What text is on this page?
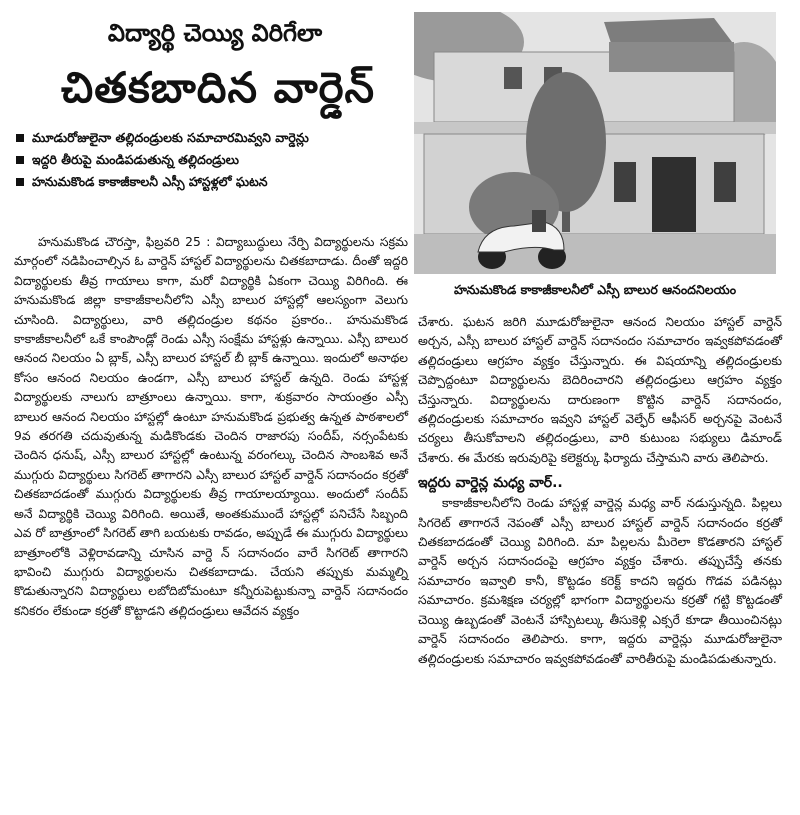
విద్యార్థి చెయ్యి విరిగేలా
చితకబాదిన వార్డెన్
మూడురోజులైనా తల్లిదండ్రులకు సమాచారమివ్వని వార్డెన్లు
ఇద్దరి తీరుపై మండిపడుతున్న తల్లిదండ్రులు
హనుమకొండ కాకాజీకాలనీ ఎస్సీ హాస్టళ్లలో ఘటన

హనుమకొండ చౌరస్తా, ఫిబ్రవరి 25 : విద్యాబుద్ధులు నేర్పి విద్యార్థులను సక్రమ మార్గంలో నడిపించాల్సిన ఓ వార్డెన్ హాస్టల్ విద్యార్థులను చితకబాదాడు. దీంతో ఇద్దరి విద్యార్థులకు తీవ్ర గాయాలు కాగా, మరో విద్యార్థికి ఏకంగా చెయ్యి విరిగింది. ఈ హనుమకొండ జిల్లా కాకాజీకాలనీలోని ఎస్సీ బాలుర హాస్టల్లో ఆలస్యంగా వెలుగు చూసింది. విద్యార్థులు, వారి తల్లిదండ్రుల కథనం ప్రకారం.. హనుమకొండ కాకాజీకాలనీలో ఒకే కాంపౌండ్లో రెండు ఎస్సీ సంక్షేమ హాస్టళ్లు ఉన్నాయి. ఎస్సీ బాలుర ఆనంద నిలయం ఏ బ్లాక్, ఎస్సీ బాలుర హాస్టల్ బీ బ్లాక్ ఉన్నాయి. ఇందులో అనాథల కోసం ఆనంద నిలయం ఉండగా, ఎస్సీ బాలుర హాస్టల్ ఉన్నది. రెండు హాస్టళ్ల విద్యార్థులకు నాలుగు బాత్రూంలు ఉన్నాయి. కాగా, శుక్రవారం సాయంత్రం ఎస్సీ బాలుర ఆనంద నిలయం హాస్టల్లో ఉంటూ హనుమకొండ ప్రభుత్వ ఉన్నత పాఠశాలలో 9వ తరగతి చదువుతున్న మడికొండకు చెందిన రాజారపు సందీప్, నర్సంపేటకు చెందిన ధనుష్, ఎస్సీ బాలుర హాస్టల్లో ఉంటున్న వరంగల్కు చెందిన సాంబశివ అనే ముగ్గురు విద్యార్థులు సిగరెట్ తాగారని ఎస్సీ బాలుర హాస్టల్ వార్డెన్ సదానందం కర్రతో చితకబాదడంతో ముగ్గురు విద్యార్థులకు తీవ్ర గాయాలయ్యాయి. అందులో సందీప్ అనే విద్యార్థికి చెయ్యి విరిగింది. అయితే, అంతకుముందే హాస్టల్లో పనిచేసే సిబ్బంది ఎవ రో బాత్రూంలో సిగరెట్ తాగి బయటకు రావడం, అప్పుడే ఈ ముగ్గురు విద్యార్థులు బాత్రూంలోకి వెళ్లిరావడాన్ని చూసిన వార్డె న్ సదానందం వారే సిగరెట్ తాగారని భావించి ముగ్గురు విద్యార్థులను చితకబాదాడు. చేయని తప్పుకు మమ్మల్ని కొడుతున్నారని విద్యార్థులు లబోదిబోమంటూ కన్నీరుపెట్టుకున్నా వార్డెన్ సదానందం కనికరం లేకుండా కర్రతో కొట్టాడని తల్లిదండ్రులు ఆవేదన వ్యక్తం

హనుమకొండ కాకాజీకాలనీలో ఎస్సీ బాలుర ఆనందనిలయం

చేశారు. ఘటన జరిగి మూడురోజులైనా ఆనంద నిలయం హాస్టల్ వార్డెన్ అర్చన, ఎస్సీ బాలుర హాస్టల్ వార్డెన్ సదానందం సమాచారం ఇవ్వకపోవడంతో తల్లిదండ్రులు ఆగ్రహం వ్యక్తం చేస్తున్నారు. ఈ విషయాన్ని తల్లిదండ్రులకు చెప్పొద్దంటూ విద్యార్థులను బెదిరించారని తల్లిదండ్రులు ఆగ్రహం వ్యక్తం చేస్తున్నారు. విద్యార్థులను దారుణంగా కొట్టిన వార్డెన్ సదానందం, తల్లిదండ్రులకు సమాచారం ఇవ్వని హాస్టల్ వెల్ఫేర్ ఆఫీసర్ అర్చనపై వెంటనే చర్యలు తీసుకోవాలని తల్లిదండ్రులు, వారి కుటుంబ సభ్యులు డిమాండ్ చేశారు. ఈ మేరకు ఇరువురిపై కలెక్టర్కు ఫిర్యాదు చేస్తామని వారు తెలిపారు.

ఇద్దరు వార్డెన్ల మధ్య వార్..

కాకాజీకాలనీలోని రెండు హాస్టళ్ల వార్డెన్ల మధ్య వార్ నడుస్తున్నది. పిల్లలు సిగరెట్ తాగారనే నెపంతో ఎస్సీ బాలుర హాస్టల్ వార్డెన్ సదానందం కర్రతో చితకబాదడంతో చెయ్యి విరిగింది. మా పిల్లలను మీరెలా కొడతారని హాస్టల్ వార్డెన్ అర్చన సదానందంపై ఆగ్రహం వ్యక్తం చేశారు. తప్పుచేస్తే తనకు సమాచారం ఇవ్వాలి కానీ, కొట్టడం కరెక్ట్ కాదని ఇద్దరు గొడవ పడినట్లు సమాచారం. క్రమశిక్షణ చర్యల్లో భాగంగా విద్యార్థులను కర్రతో గట్టి కొట్టడంతో చెయ్యి ఉబ్బడంతో వెంటనే హాస్పిటల్కు తీసుకెళ్లి ఎక్సరే కూడా తీయించినట్లు వార్డెన్ సదానందం తెలిపారు. కాగా, ఇద్దరు వార్డెన్లు మూడురోజులైనా తల్లిదండ్రులకు సమాచారం ఇవ్వకపోవడంతో వారితీరుపై మండిపడుతున్నారు.
